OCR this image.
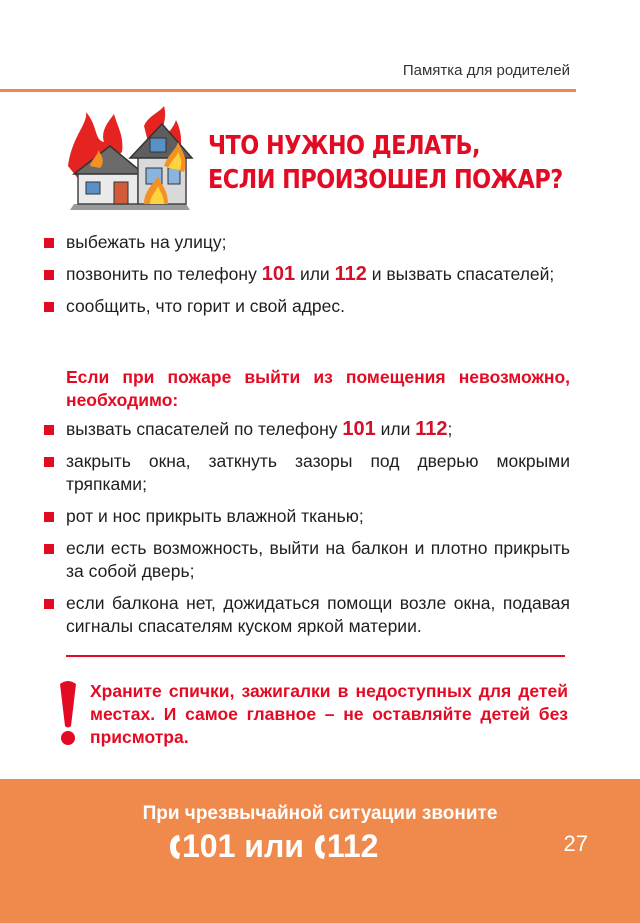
Памятка для родителей
ЧТО НУЖНО ДЕЛАТЬ,
ЕСЛИ ПРОИЗОШЕЛ ПОЖАР?
выбежать на улицу;
позвонить по телефону 101 или 112 и вызвать спасателей;
сообщить, что горит и свой адрес.
Если при пожаре выйти из помещения невозможно, необходимо:
вызвать спасателей по телефону 101 или 112;
закрыть окна, заткнуть зазоры под дверью мокрыми тряпками;
рот и нос прикрыть влажной тканью;
если есть возможность, выйти на балкон и плотно прикрыть за собой дверь;
если балкона нет, дожидаться помощи возле окна, подавая сигналы спасателям куском яркой материи.
Храните спички, зажигалки в недоступных для детей местах. И самое главное – не оставляйте детей без присмотра.
При чрезвычайной ситуации звоните
101 или 112	27
